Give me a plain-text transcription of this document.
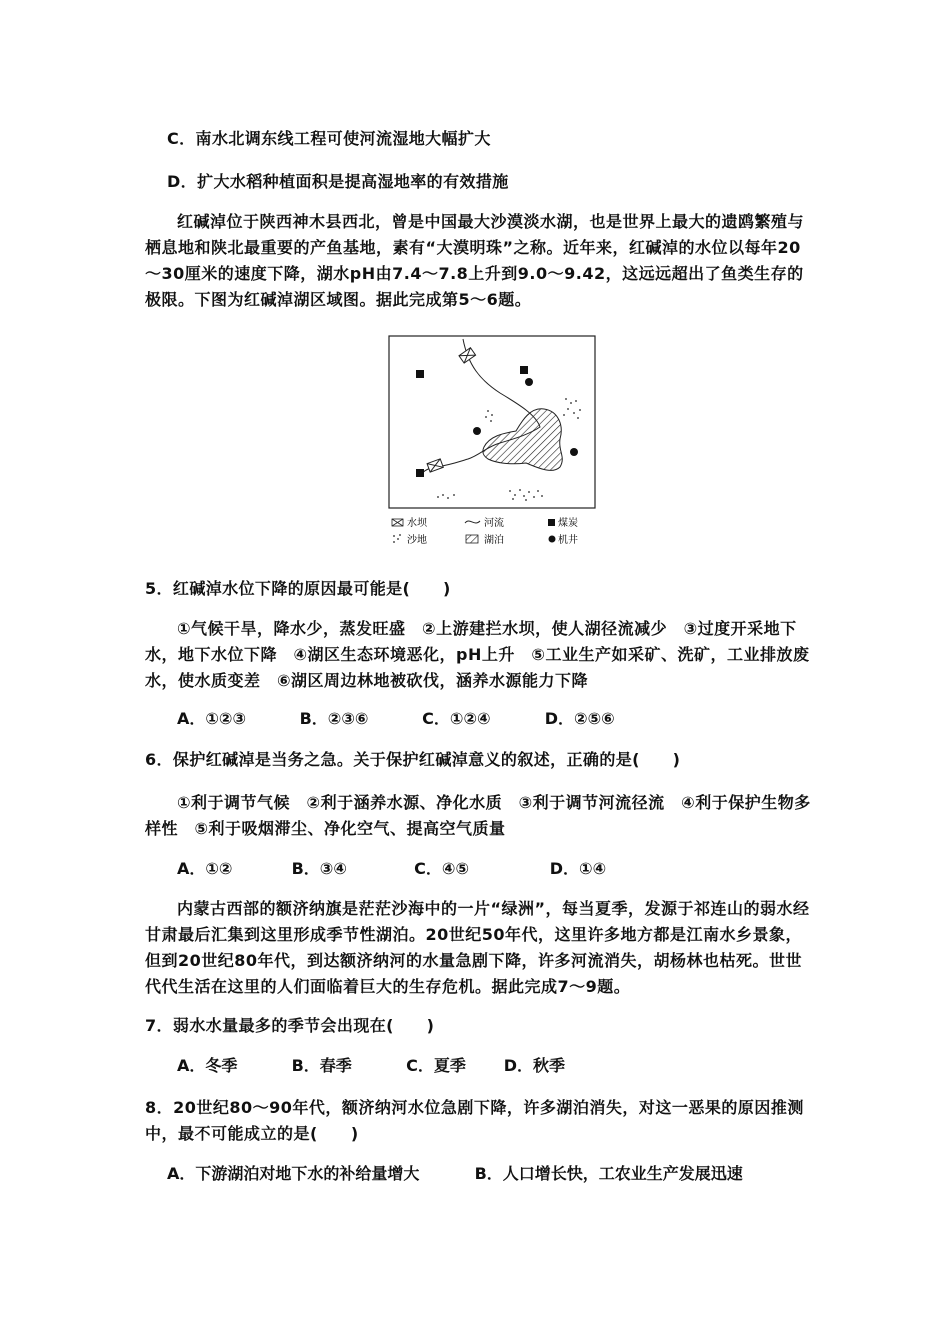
C．南水北调东线工程可使河流湿地大幅扩大
D．扩大水稻种植面积是提高湿地率的有效措施

红碱淖位于陕西神木县西北，曾是中国最大沙漠淡水湖，也是世界上最大的遗鸥繁殖与栖息地和陕北最重要的产鱼基地，素有“大漠明珠”之称。近年来，红碱淖的水位以每年20～30厘米的速度下降，湖水pH由7.4～7.8上升到9.0～9.42，这远远超出了鱼类生存的极限。下图为红碱淖湖区域图。据此完成第5～6题。

水坝	河流	煤炭
沙地	湖泊	机井
5．红碱淖水位下降的原因最可能是(　　)

①气候干旱，降水少，蒸发旺盛　②上游建拦水坝，使人湖径流减少　③过度开采地下水，地下水位下降　④湖区生态环境恶化，pH上升　⑤工业生产如采矿、洗矿，工业排放废水，使水质变差　⑥湖区周边林地被砍伐，涵养水源能力下降

A．①②③	B．②③⑥	C．①②④	D．②⑤⑥
6．保护红碱淖是当务之急。关于保护红碱淖意义的叙述，正确的是(　　)

①利于调节气候　②利于涵养水源、净化水质　③利于调节河流径流　④利于保护生物多样性　⑤利于吸烟滞尘、净化空气、提高空气质量

A．①②	B．③④	C．④⑤	D．①④

内蒙古西部的额济纳旗是茫茫沙海中的一片“绿洲”，每当夏季，发源于祁连山的弱水经甘肃最后汇集到这里形成季节性湖泊。20世纪50年代，这里许多地方都是江南水乡景象，但到20世纪80年代，到达额济纳河的水量急剧下降，许多河流消失，胡杨林也枯死。世世代代生活在这里的人们面临着巨大的生存危机。据此完成7～9题。

7．弱水水量最多的季节会出现在(　　)
A．冬季	B．春季	C．夏季 D．秋季

8．20世纪80～90年代，额济纳河水位急剧下降，许多湖泊消失，对这一恶果的原因推测中，最不可能成立的是(　　)

A．下游湖泊对地下水的补给量增大	B．人口增长快，工农业生产发展迅速
